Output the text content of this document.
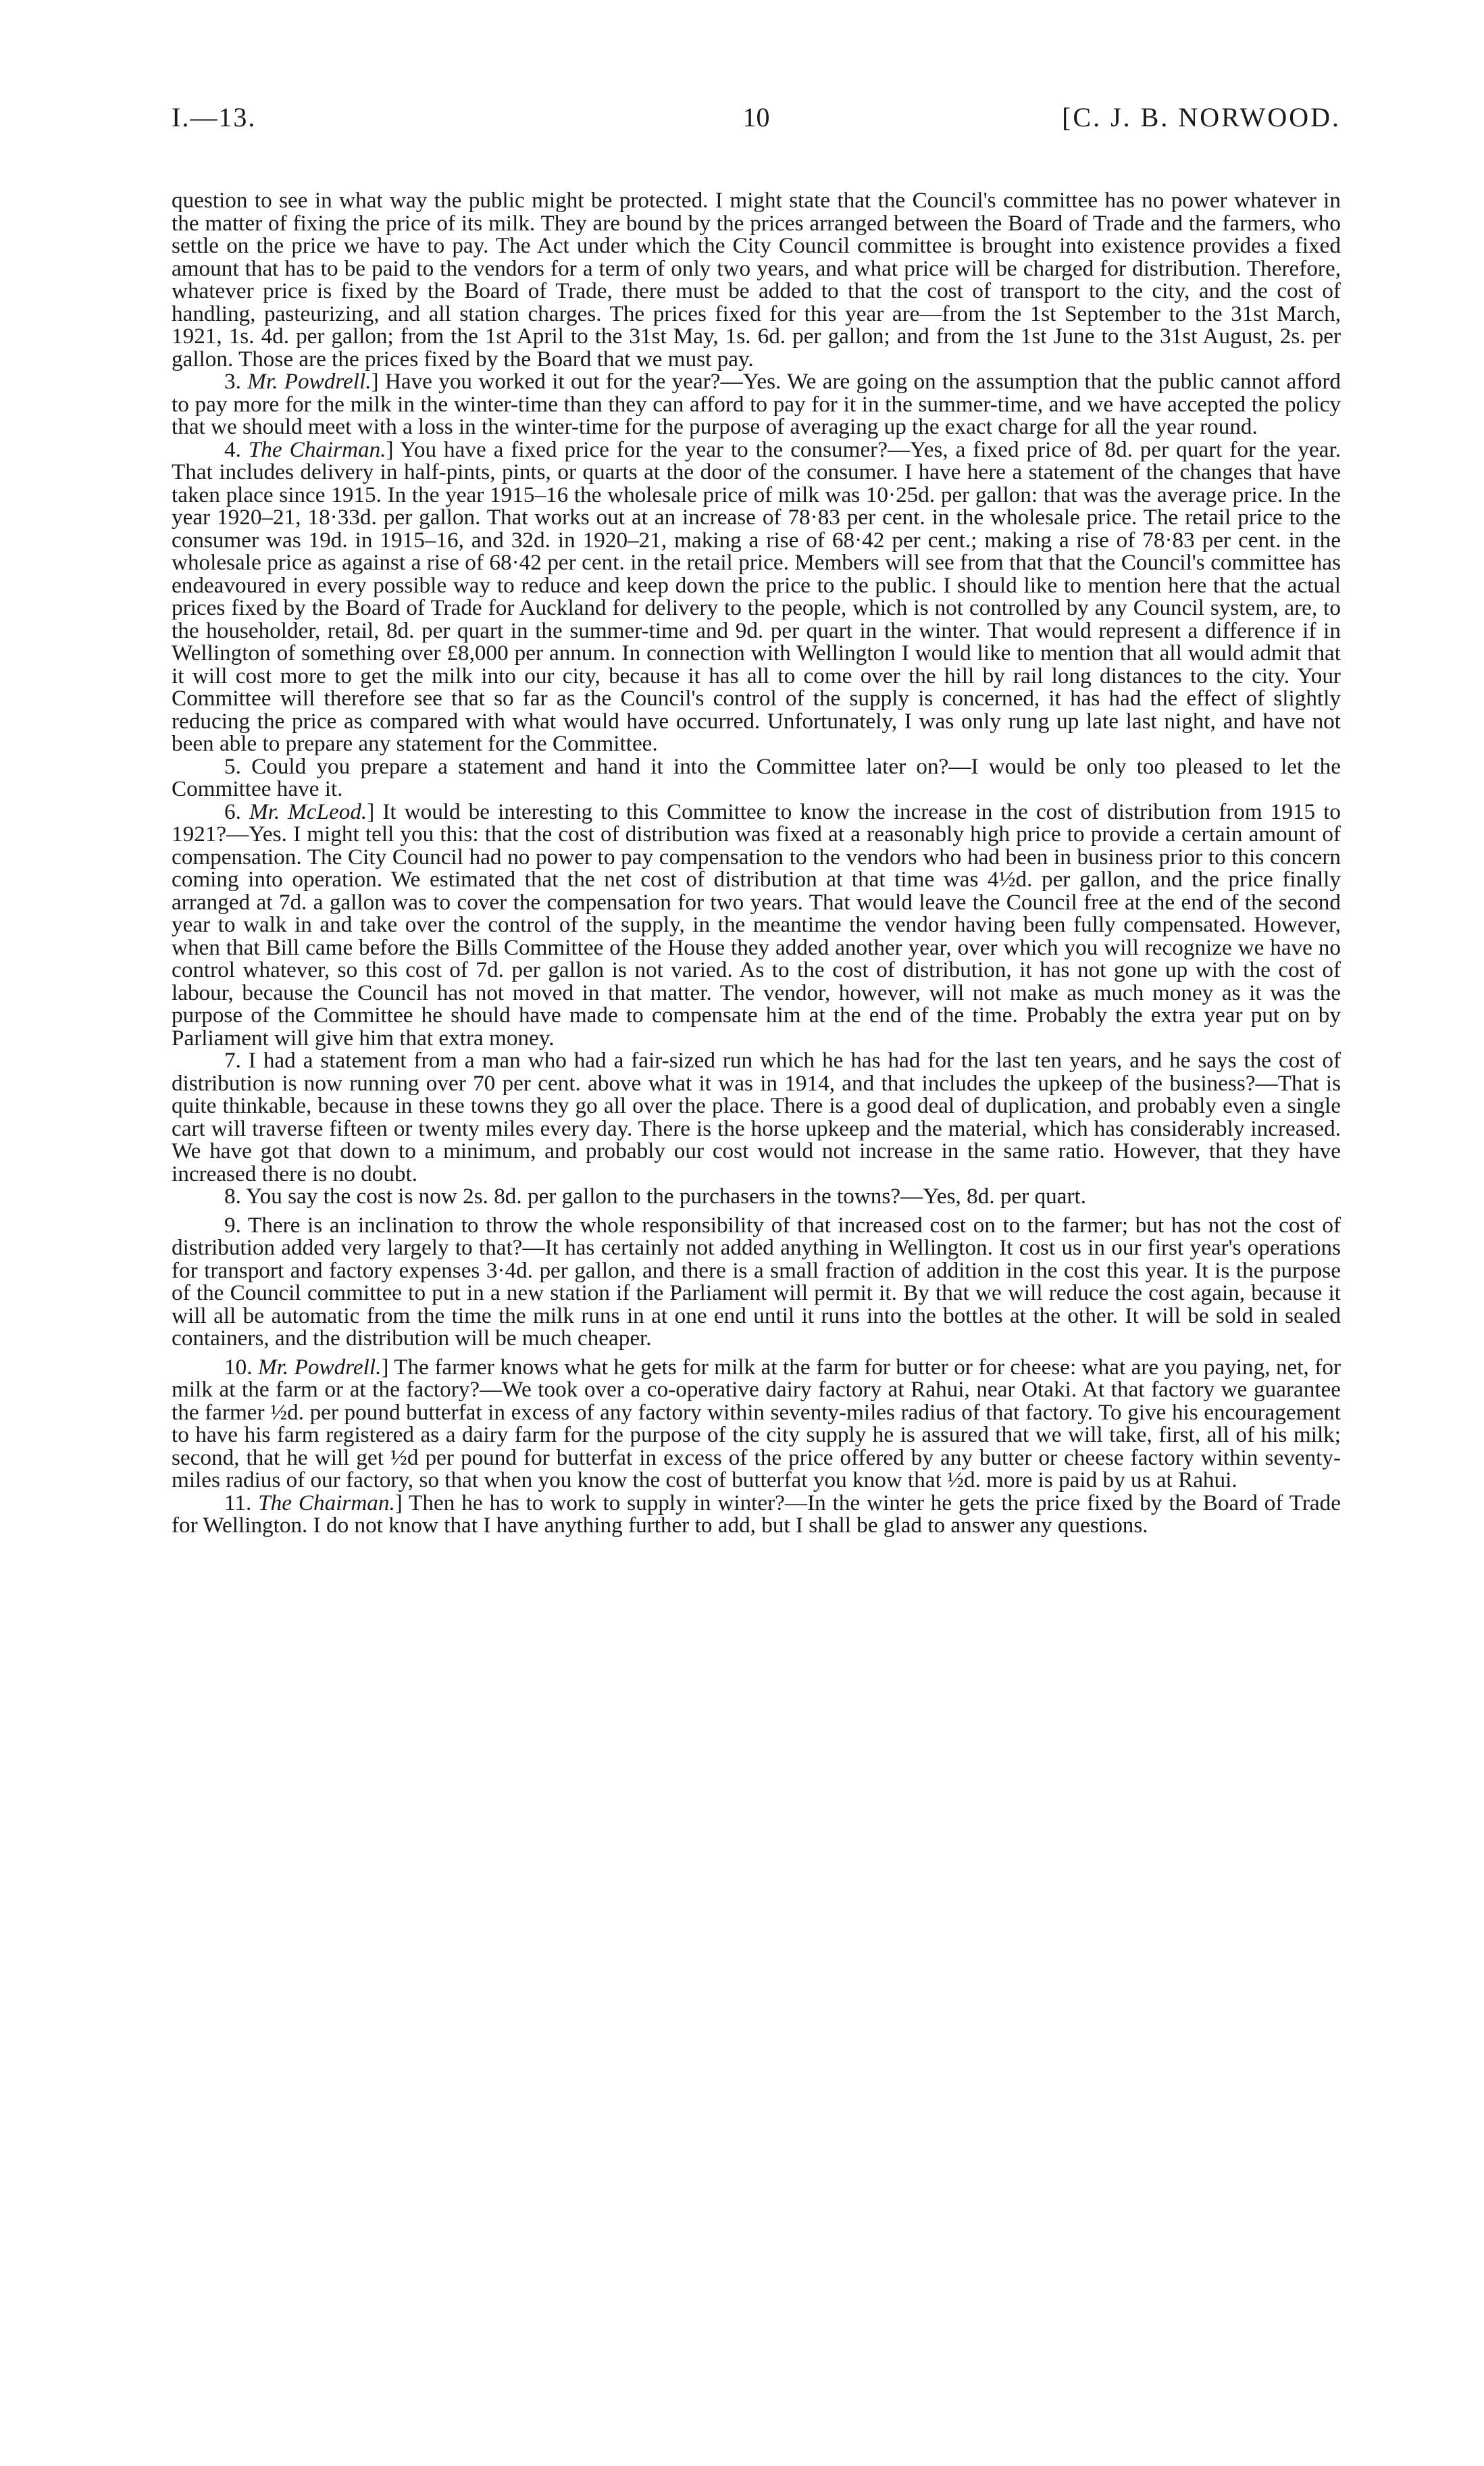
I.—13.	10	[C. J. B. NORWOOD.

question to see in what way the public might be protected. I might state that the Council's committee has no power whatever in the matter of fixing the price of its milk. They are bound by the prices arranged between the Board of Trade and the farmers, who settle on the price we have to pay. The Act under which the City Council committee is brought into existence provides a fixed amount that has to be paid to the vendors for a term of only two years, and what price will be charged for distribution. Therefore, whatever price is fixed by the Board of Trade, there must be added to that the cost of transport to the city, and the cost of handling, pasteurizing, and all station charges. The prices fixed for this year are—from the 1st September to the 31st March, 1921, 1s. 4d. per gallon; from the 1st April to the 31st May, 1s. 6d. per gallon; and from the 1st June to the 31st August, 2s. per gallon. Those are the prices fixed by the Board that we must pay.

3. Mr. Powdrell.] Have you worked it out for the year?—Yes. We are going on the assumption that the public cannot afford to pay more for the milk in the winter-time than they can afford to pay for it in the summer-time, and we have accepted the policy that we should meet with a loss in the winter-time for the purpose of averaging up the exact charge for all the year round.

4. The Chairman.] You have a fixed price for the year to the consumer?—Yes, a fixed price of 8d. per quart for the year. That includes delivery in half-pints, pints, or quarts at the door of the consumer. I have here a statement of the changes that have taken place since 1915. In the year 1915–16 the wholesale price of milk was 10·25d. per gallon: that was the average price. In the year 1920–21, 18·33d. per gallon. That works out at an increase of 78·83 per cent. in the wholesale price. The retail price to the consumer was 19d. in 1915–16, and 32d. in 1920–21, making a rise of 68·42 per cent.; making a rise of 78·83 per cent. in the wholesale price as against a rise of 68·42 per cent. in the retail price. Members will see from that that the Council's committee has endeavoured in every possible way to reduce and keep down the price to the public. I should like to mention here that the actual prices fixed by the Board of Trade for Auckland for delivery to the people, which is not controlled by any Council system, are, to the householder, retail, 8d. per quart in the summer-time and 9d. per quart in the winter. That would represent a difference if in Wellington of something over £8,000 per annum. In connection with Wellington I would like to mention that all would admit that it will cost more to get the milk into our city, because it has all to come over the hill by rail long distances to the city. Your Committee will therefore see that so far as the Council's control of the supply is concerned, it has had the effect of slightly reducing the price as compared with what would have occurred. Unfortunately, I was only rung up late last night, and have not been able to prepare any statement for the Committee.

5. Could you prepare a statement and hand it into the Committee later on?—I would be only too pleased to let the Committee have it.

6. Mr. McLeod.] It would be interesting to this Committee to know the increase in the cost of distribution from 1915 to 1921?—Yes. I might tell you this: that the cost of distribution was fixed at a reasonably high price to provide a certain amount of compensation. The City Council had no power to pay compensation to the vendors who had been in business prior to this concern coming into operation. We estimated that the net cost of distribution at that time was 4½d. per gallon, and the price finally arranged at 7d. a gallon was to cover the compensation for two years. That would leave the Council free at the end of the second year to walk in and take over the control of the supply, in the meantime the vendor having been fully compensated. However, when that Bill came before the Bills Committee of the House they added another year, over which you will recognize we have no control whatever, so this cost of 7d. per gallon is not varied. As to the cost of distribution, it has not gone up with the cost of labour, because the Council has not moved in that matter. The vendor, however, will not make as much money as it was the purpose of the Committee he should have made to compensate him at the end of the time. Probably the extra year put on by Parliament will give him that extra money.

7. I had a statement from a man who had a fair-sized run which he has had for the last ten years, and he says the cost of distribution is now running over 70 per cent. above what it was in 1914, and that includes the upkeep of the business?—That is quite thinkable, because in these towns they go all over the place. There is a good deal of duplication, and probably even a single cart will traverse fifteen or twenty miles every day. There is the horse upkeep and the material, which has considerably increased. We have got that down to a minimum, and probably our cost would not increase in the same ratio. However, that they have increased there is no doubt.

8. You say the cost is now 2s. 8d. per gallon to the purchasers in the towns?—Yes, 8d. per quart.

9. There is an inclination to throw the whole responsibility of that increased cost on to the farmer; but has not the cost of distribution added very largely to that?—It has certainly not added anything in Wellington. It cost us in our first year's operations for transport and factory expenses 3·4d. per gallon, and there is a small fraction of addition in the cost this year. It is the purpose of the Council committee to put in a new station if the Parliament will permit it. By that we will reduce the cost again, because it will all be automatic from the time the milk runs in at one end until it runs into the bottles at the other. It will be sold in sealed containers, and the distribution will be much cheaper.

10. Mr. Powdrell.] The farmer knows what he gets for milk at the farm for butter or for cheese: what are you paying, net, for milk at the farm or at the factory?—We took over a co-operative dairy factory at Rahui, near Otaki. At that factory we guarantee the farmer ½d. per pound butterfat in excess of any factory within seventy-miles radius of that factory. To give his encouragement to have his farm registered as a dairy farm for the purpose of the city supply he is assured that we will take, first, all of his milk; second, that he will get ½d per pound for butterfat in excess of the price offered by any butter or cheese factory within seventy-miles radius of our factory, so that when you know the cost of butterfat you know that ½d. more is paid by us at Rahui.

11. The Chairman.] Then he has to work to supply in winter?—In the winter he gets the price fixed by the Board of Trade for Wellington. I do not know that I have anything further to add, but I shall be glad to answer any questions.
